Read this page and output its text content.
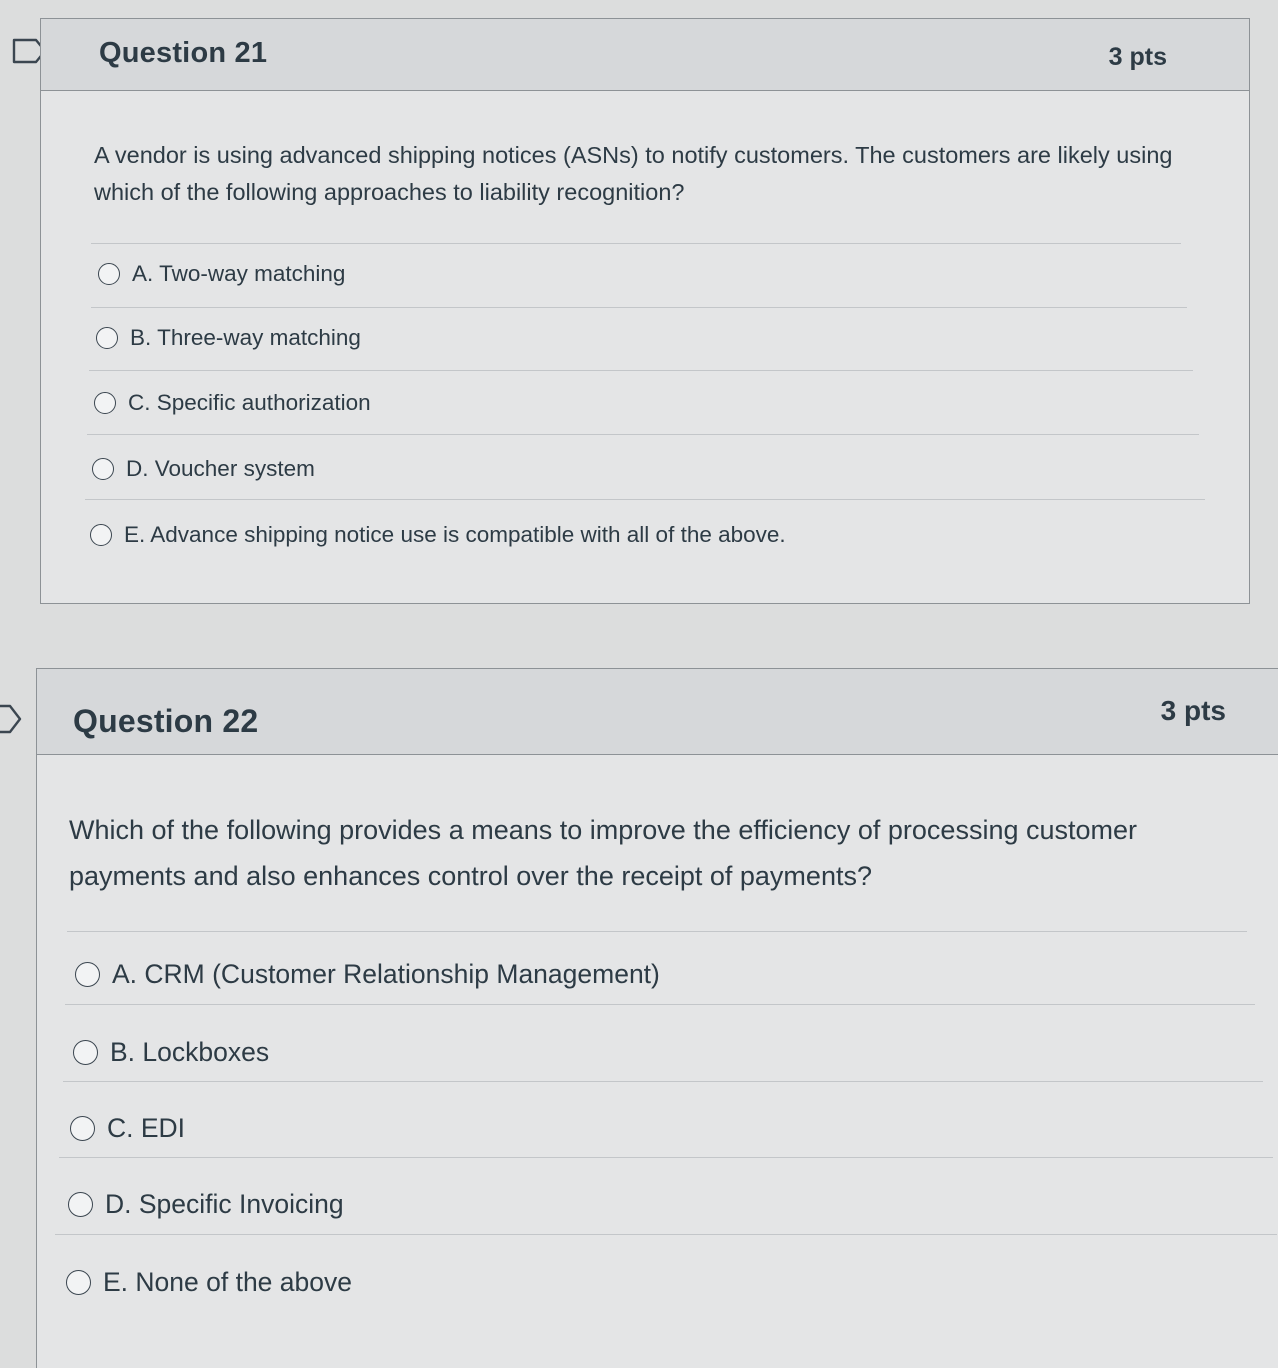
Question 21	3 pts

A vendor is using advanced shipping notices (ASNs) to notify customers. The customers are likely using which of the following approaches to liability recognition?

A. Two-way matching
B. Three-way matching
C. Specific authorization
D. Voucher system
E. Advance shipping notice use is compatible with all of the above.
Question 22	3 pts

Which of the following provides a means to improve the efficiency of processing customer payments and also enhances control over the receipt of payments?

A. CRM (Customer Relationship Management)
B. Lockboxes
C. EDI
D. Specific Invoicing
E. None of the above
